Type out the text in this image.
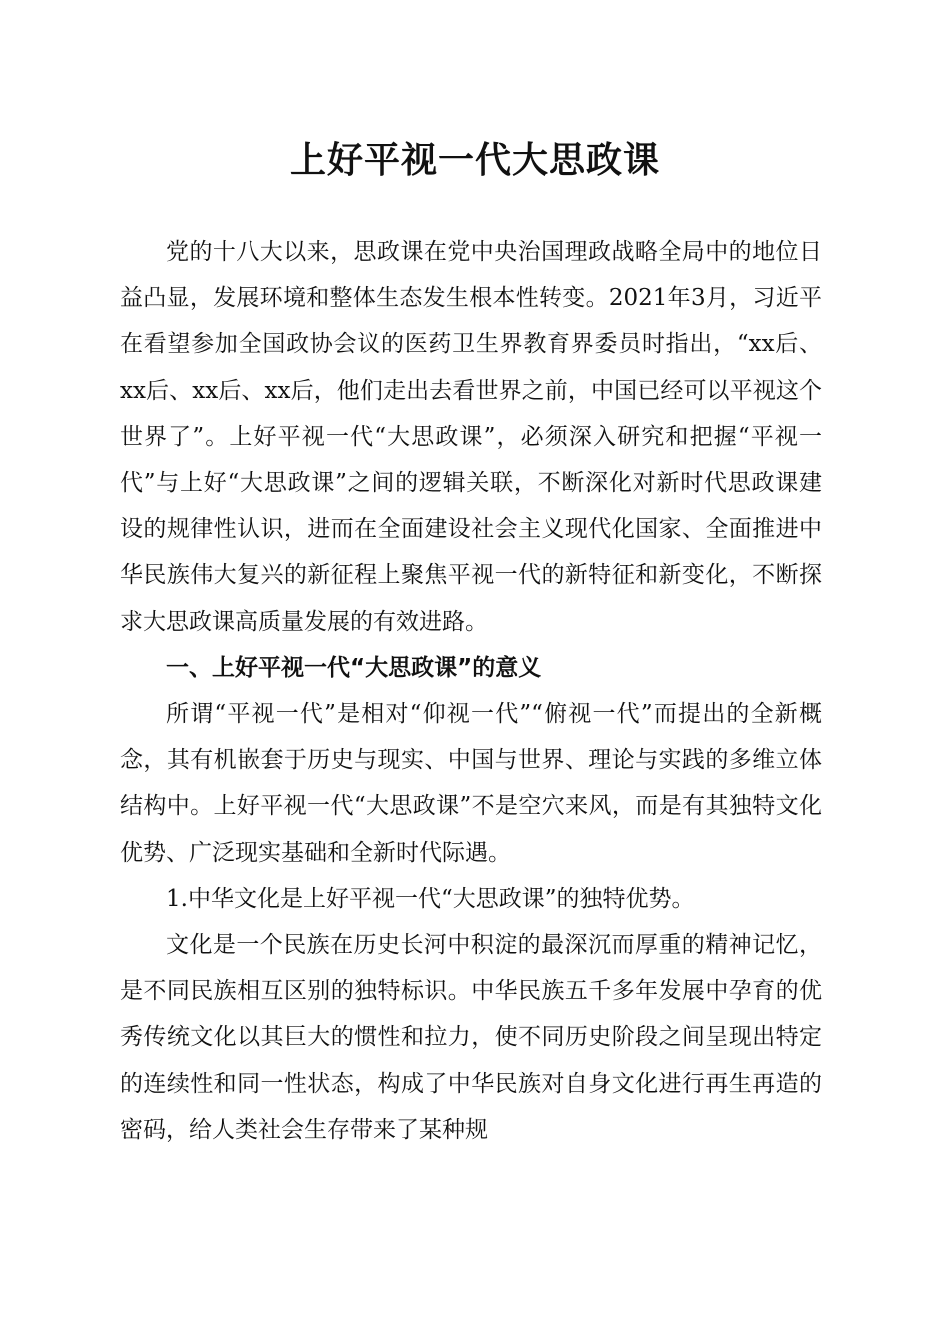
上好平视一代大思政课

党的十八大以来，思政课在党中央治国理政战略全局中的地位日益凸显，发展环境和整体生态发生根本性转变。2021年3月，习近平在看望参加全国政协会议的医药卫生界教育界委员时指出，“xx后、xx后、xx后、xx后，他们走出去看世界之前，中国已经可以平视这个世界了”。上好平视一代“大思政课”，必须深入研究和把握“平视一代”与上好“大思政课”之间的逻辑关联，不断深化对新时代思政课建设的规律性认识，进而在全面建设社会主义现代化国家、全面推进中华民族伟大复兴的新征程上聚焦平视一代的新特征和新变化，不断探求大思政课高质量发展的有效进路。

一、上好平视一代“大思政课”的意义

所谓“平视一代”是相对“仰视一代”“俯视一代”而提出的全新概念，其有机嵌套于历史与现实、中国与世界、理论与实践的多维立体结构中。上好平视一代“大思政课”不是空穴来风，而是有其独特文化优势、广泛现实基础和全新时代际遇。

1.中华文化是上好平视一代“大思政课”的独特优势。

文化是一个民族在历史长河中积淀的最深沉而厚重的精神记忆，是不同民族相互区别的独特标识。中华民族五千多年发展中孕育的优秀传统文化以其巨大的惯性和拉力，使不同历史阶段之间呈现出特定的连续性和同一性状态，构成了中华民族对自身文化进行再生再造的密码，给人类社会生存带来了某种规
